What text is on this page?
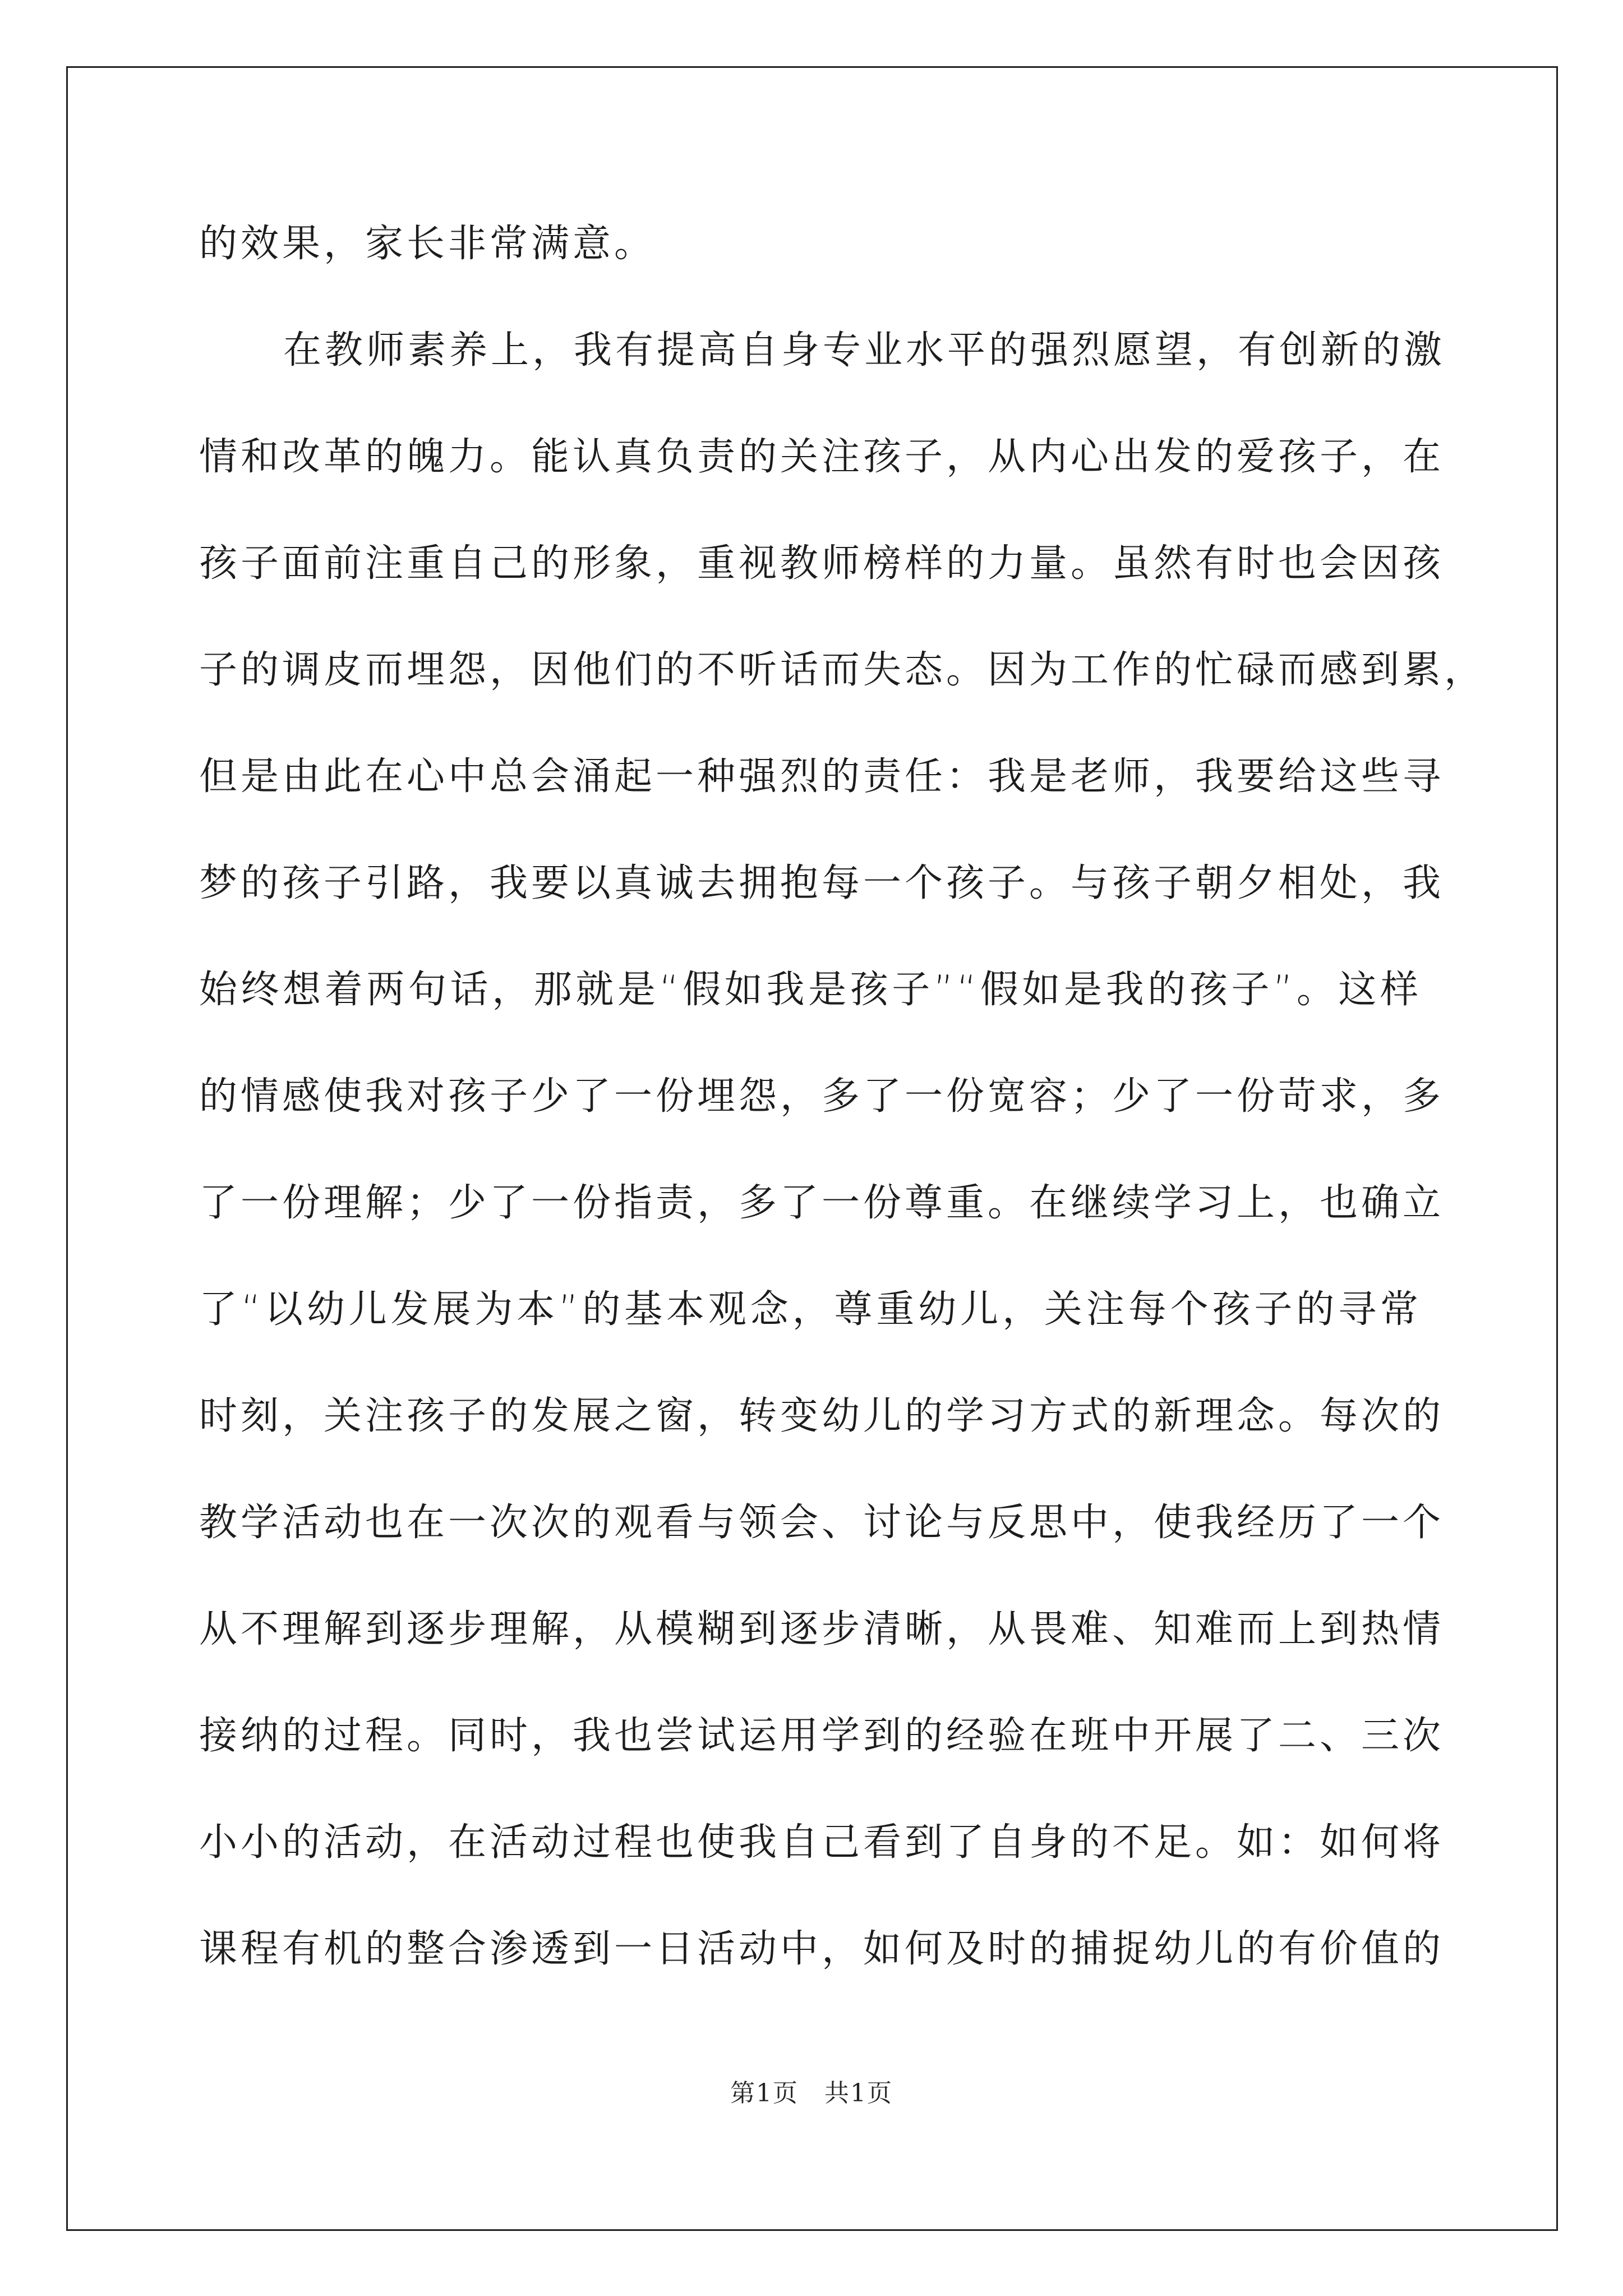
的效果，家长非常满意。
在教师素养上，我有提高自身专业水平的强烈愿望，有创新的激
情和改革的魄力。能认真负责的关注孩子，从内心出发的爱孩子，在
孩子面前注重自己的形象，重视教师榜样的力量。虽然有时也会因孩
子的调皮而埋怨，因他们的不听话而失态。因为工作的忙碌而感到累，
但是由此在心中总会涌起一种强烈的责任：我是老师，我要给这些寻
梦的孩子引路，我要以真诚去拥抱每一个孩子。与孩子朝夕相处，我
始终想着两句话，那就是“假如我是孩子”“假如是我的孩子”。这样
的情感使我对孩子少了一份埋怨，多了一份宽容；少了一份苛求，多
了一份理解；少了一份指责，多了一份尊重。在继续学习上，也确立
了“以幼儿发展为本”的基本观念，尊重幼儿，关注每个孩子的寻常
时刻，关注孩子的发展之窗，转变幼儿的学习方式的新理念。每次的
教学活动也在一次次的观看与领会、讨论与反思中，使我经历了一个
从不理解到逐步理解，从模糊到逐步清晰，从畏难、知难而上到热情
接纳的过程。同时，我也尝试运用学到的经验在班中开展了二、三次
小小的活动，在活动过程也使我自己看到了自身的不足。如：如何将
课程有机的整合渗透到一日活动中，如何及时的捕捉幼儿的有价值的
第1页　共1页
